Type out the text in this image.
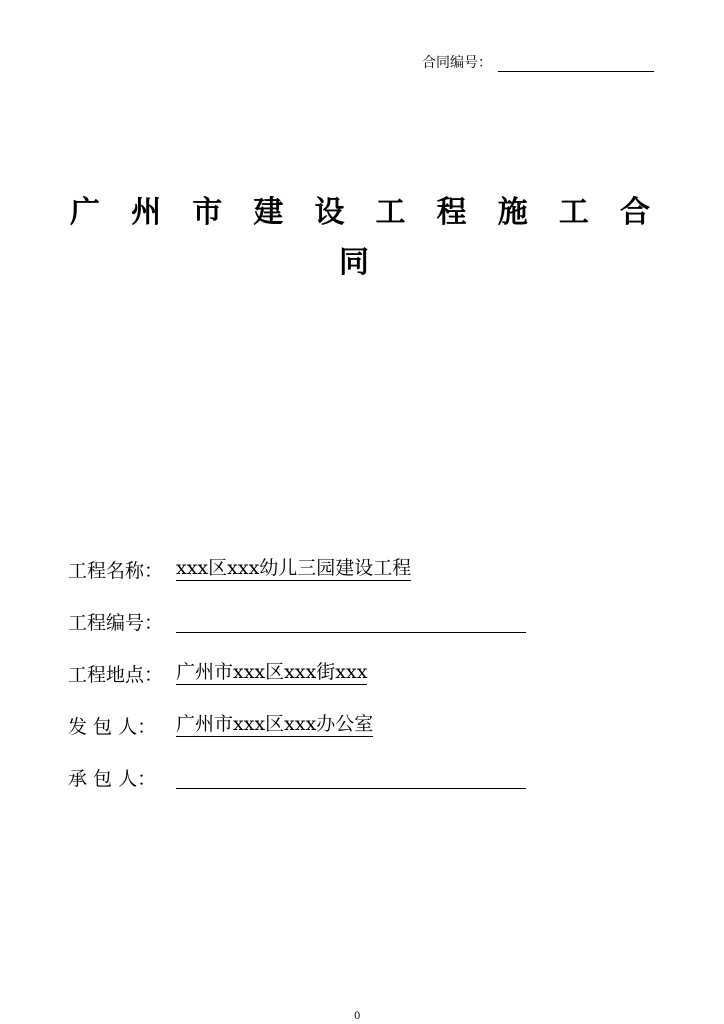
合同编号：
广 州 市 建 设 工 程 施 工 合
同
工程名称： xxx区xxx幼儿三园建设工程
工程编号：
工程地点： 广州市xxx区xxx街xxx
发 包 人：	广州市xxx区xxx办公室
承 包 人：
0
